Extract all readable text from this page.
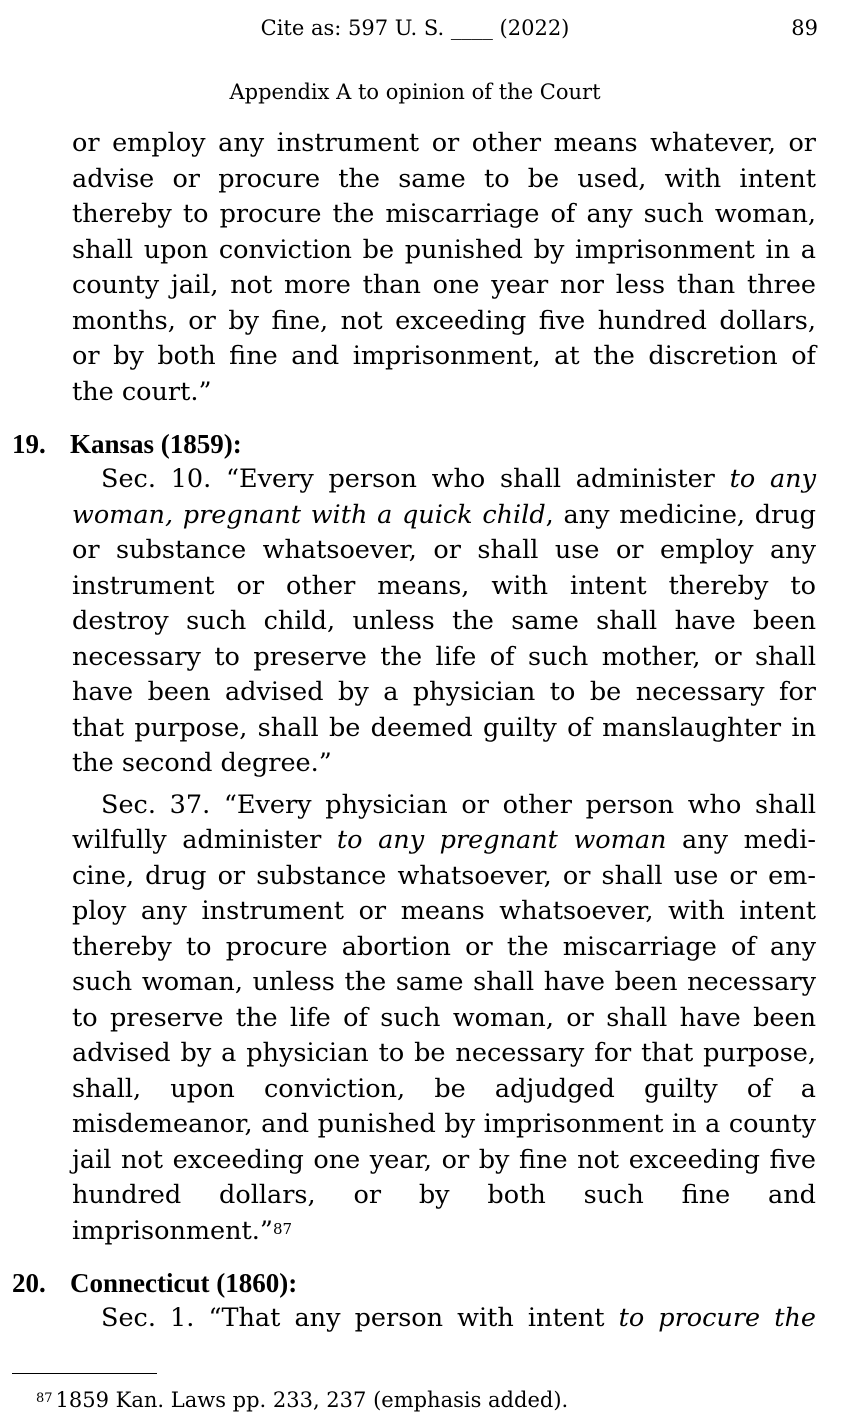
Cite as: 597 U. S. ____ (2022)	89
Appendix A to opinion of the Court

or employ any instrument or other means whatever, or advise or procure the same to be used, with intent thereby to procure the miscarriage of any such woman, shall upon conviction be punished by imprisonment in a county jail, not more than one year nor less than three months, or by fine, not exceeding five hundred dollars, or by both fine and imprisonment, at the discretion of the court.”

19. Kansas (1859):

Sec. 10. “Every person who shall administer to any woman, pregnant with a quick child, any medicine, drug or substance whatsoever, or shall use or employ any instrument or other means, with intent thereby to destroy such child, unless the same shall have been necessary to preserve the life of such mother, or shall have been advised by a physician to be necessary for that purpose, shall be deemed guilty of manslaughter in the second degree.”

Sec. 37. “Every physician or other person who shall wilfully administer to any pregnant woman any medicine, drug or substance whatsoever, or shall use or employ any instrument or means whatsoever, with intent thereby to procure abortion or the miscarriage of any such woman, unless the same shall have been necessary to preserve the life of such woman, or shall have been advised by a physician to be necessary for that purpose, shall, upon conviction, be adjudged guilty of a misdemeanor, and punished by imprisonment in a county jail not exceeding one year, or by fine not exceeding five hundred dollars, or by both such fine and imprisonment.”$^{87}$

20. Connecticut (1860):

Sec. 1. “That any person with intent to procure the

$^{87}$ 1859 Kan. Laws pp. 233, 237 (emphasis added).
